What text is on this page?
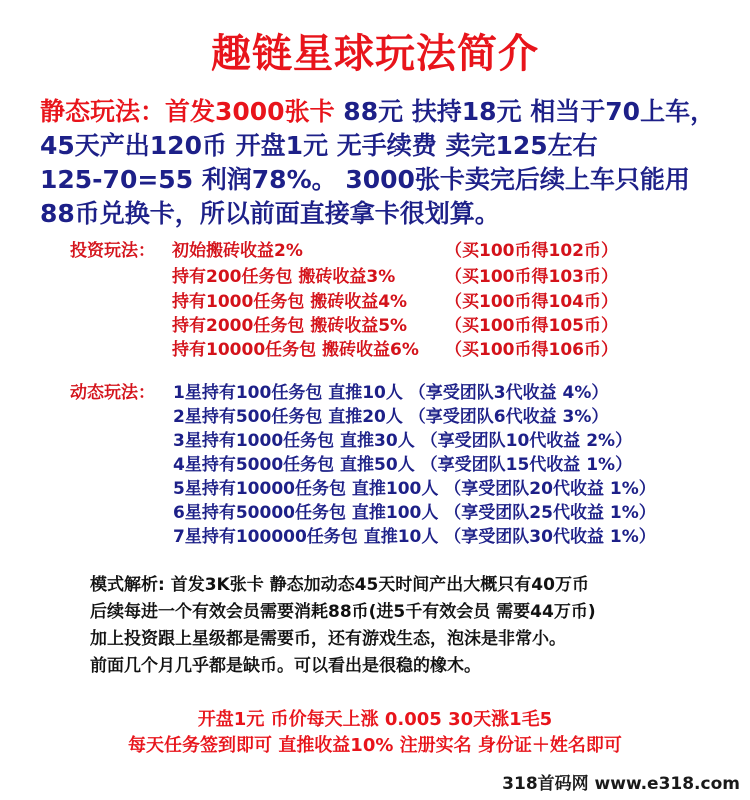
趣链星球玩法简介
静态玩法：首发3000张卡 88元 扶持18元 相当于70上车，
45天产出120币 开盘1元 无手续费 卖完125左右
125-70=55 利润78%。 3000张卡卖完后续上车只能用
88币兑换卡，所以前面直接拿卡很划算。
投资玩法： 初始搬砖收益2%	（买100币得102币）
持有200任务包 搬砖收益3%	（买100币得103币）
持有1000任务包 搬砖收益4% （买100币得104币）
持有2000任务包 搬砖收益5% （买100币得105币）
持有10000任务包 搬砖收益6% （买100币得106币）
动态玩法： 1星持有100任务包 直推10人 （享受团队3代收益 4%）
2星持有500任务包 直推20人 （享受团队6代收益 3%）
3星持有1000任务包 直推30人 （享受团队10代收益 2%）
4星持有5000任务包 直推50人 （享受团队15代收益 1%）
5星持有10000任务包 直推100人 （享受团队20代收益 1%）
6星持有50000任务包 直推100人 （享受团队25代收益 1%）
7星持有100000任务包 直推10人 （享受团队30代收益 1%）
模式解析: 首发3K张卡 静态加动态45天时间产出大概只有40万币
后续每进一个有效会员需要消耗88币(进5千有效会员 需要44万币)
加上投资跟上星级都是需要币，还有游戏生态，泡沫是非常小。
前面几个月几乎都是缺币。可以看出是很稳的橡木。
开盘1元 币价每天上涨 0.005 30天涨1毛5
每天任务签到即可 直推收益10% 注册实名 身份证＋姓名即可
318首码网 www.e318.com
